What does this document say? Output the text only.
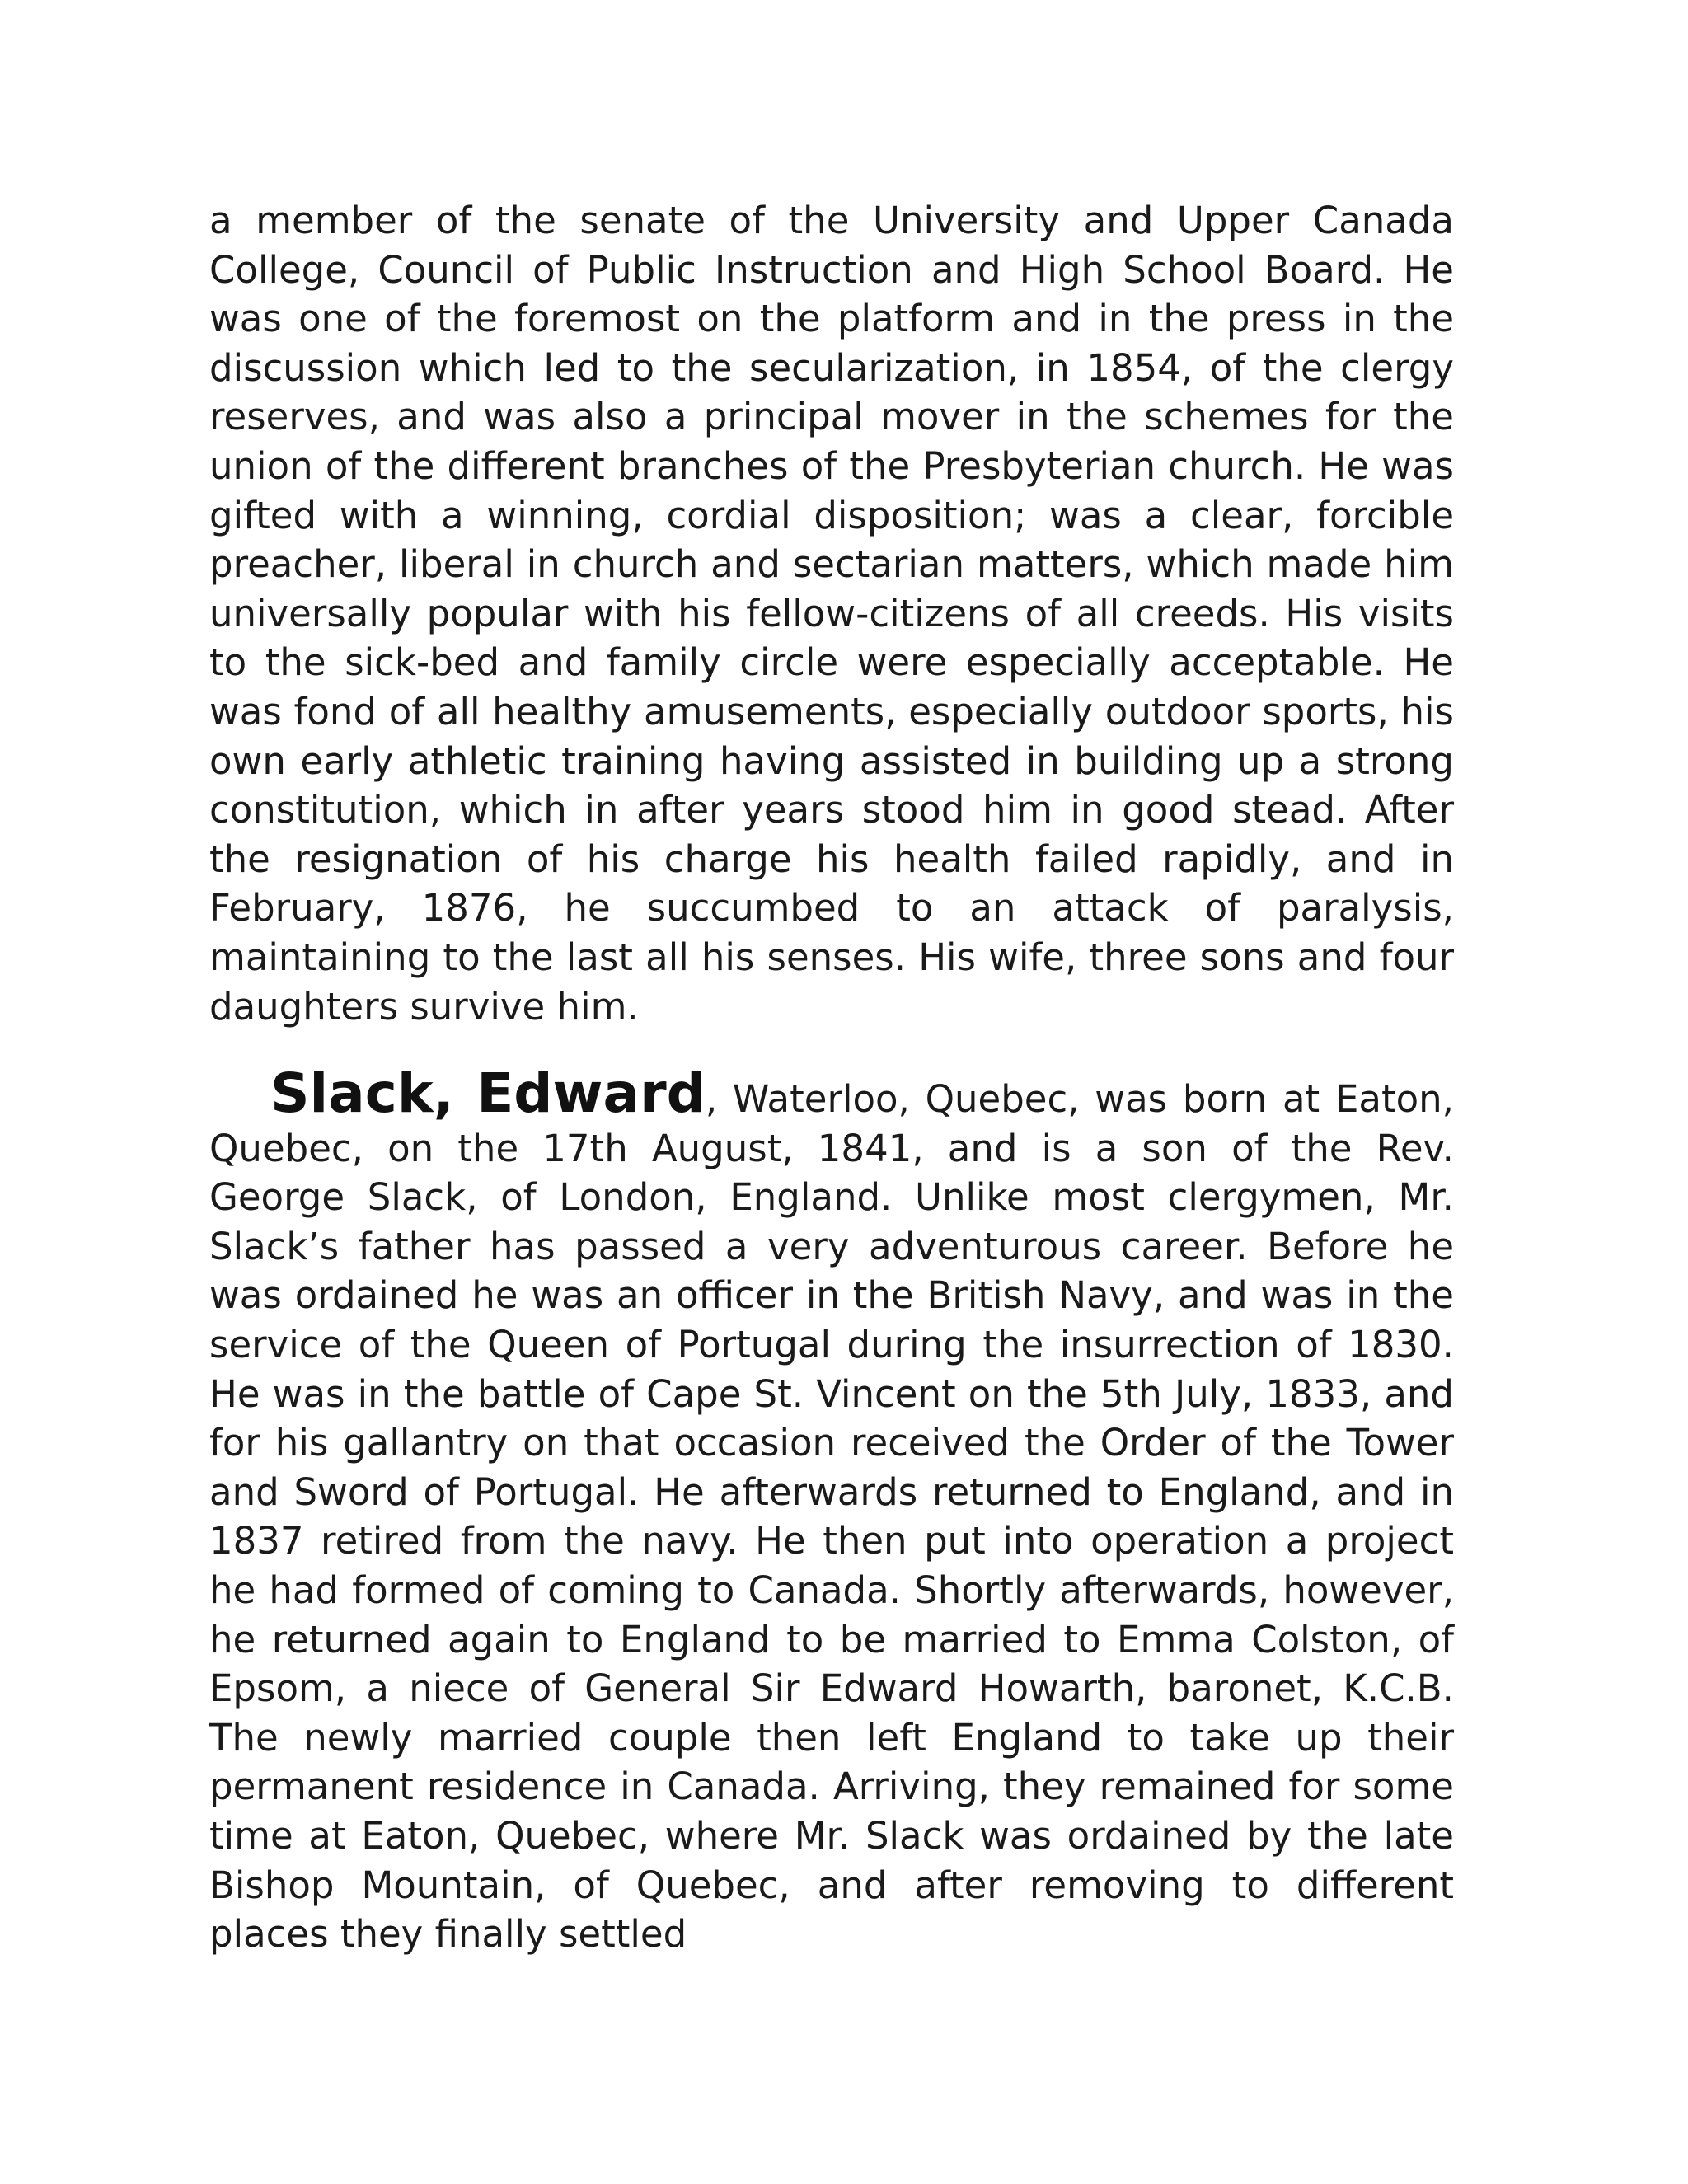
a member of the senate of the University and Upper Canada College, Council of Public Instruction and High School Board. He was one of the foremost on the platform and in the press in the discussion which led to the secularization, in 1854, of the clergy reserves, and was also a principal mover in the schemes for the union of the different branches of the Presbyterian church. He was gifted with a winning, cordial disposition; was a clear, forcible preacher, liberal in church and sectarian matters, which made him universally popular with his fellow-citizens of all creeds. His visits to the sick-bed and family circle were especially acceptable. He was fond of all healthy amusements, especially outdoor sports, his own early athletic training having assisted in building up a strong constitution, which in after years stood him in good stead. After the resignation of his charge his health failed rapidly, and in February, 1876, he succumbed to an attack of paralysis, maintaining to the last all his senses. His wife, three sons and four daughters survive him.

Slack, Edward, Waterloo, Quebec, was born at Eaton, Quebec, on the 17th August, 1841, and is a son of the Rev. George Slack, of London, England. Unlike most clergymen, Mr. Slack’s father has passed a very adventurous career. Before he was ordained he was an officer in the British Navy, and was in the service of the Queen of Portugal during the insurrection of 1830. He was in the battle of Cape St. Vincent on the 5th July, 1833, and for his gallantry on that occasion received the Order of the Tower and Sword of Portugal. He afterwards returned to England, and in 1837 retired from the navy. He then put into operation a project he had formed of coming to Canada. Shortly afterwards, however, he returned again to England to be married to Emma Colston, of Epsom, a niece of General Sir Edward Howarth, baronet, K.C.B. The newly married couple then left England to take up their permanent residence in Canada. Arriving, they remained for some time at Eaton, Quebec, where Mr. Slack was ordained by the late Bishop Mountain, of Quebec, and after removing to different places they finally settled
